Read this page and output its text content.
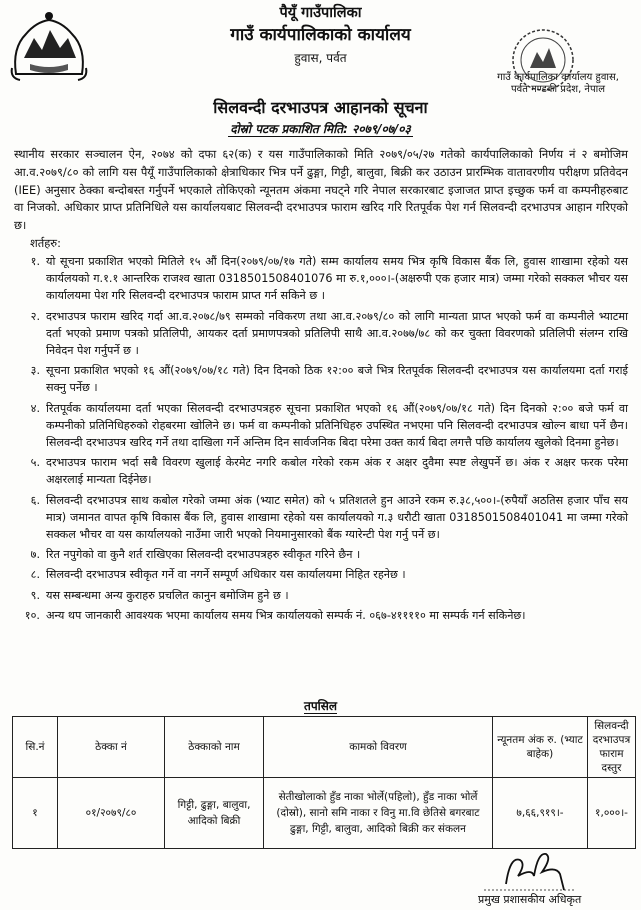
पैयूँ गाउँपालिका
गाउँ कार्यपालिकाको कार्यालय
हुवास, पर्वत
गाउँ कार्यपालिका कार्यालय हुवास, पर्वत गण्डकी प्रदेश, नेपाल
सिलवन्दी दरभाउपत्र आहानको सूचना
दोस्रो पटक प्रकाशित मिति: २०७९/०७/०३
स्थानीय सरकार सञ्चालन ऐन, २०७४ को दफा ६२(क) र यस गाउँपालिकाको मिति २०७९/०५/२७ गतेको कार्यपालिकाको निर्णय नं २ बमोजिम आ.व.२०७९/८० को लागि यस पैयूँ गाउँपालिकाको क्षेत्राधिकार भित्र पर्ने ढुङ्गा, गिट्टी, बालुवा, बिक्री कर उठाउन प्रारम्भिक वातावरणीय परीक्षण प्रतिवेदन (IEE) अनुसार ठेक्का बन्दोबस्त गर्नुपर्ने भएकाले तोकिएको न्यूनतम अंकमा नघट्ने गरि नेपाल सरकारबाट इजाजत प्राप्त इच्छुक फर्म वा कम्पनीहरुबाट वा निजको. अधिकार प्राप्त प्रतिनिधिले यस कार्यालयबाट सिलवन्दी दरभाउपत्र फाराम खरिद गरि रितपूर्वक पेश गर्न सिलवन्दी दरभाउपत्र आहान गरिएको छ।
शर्तहरु:
१. यो सूचना प्रकाशित भएको मितिले १५ औं दिन(२०७९/०७/१७ गते) सम्म कार्यालय समय भित्र कृषि विकास बैंक लि, हुवास शाखामा रहेको यस कार्यलयको ग.१.१ आन्तरिक राजश्व खाता 0318501508401076 मा रु.१,०००।-(अक्षरुपी एक हजार मात्र) जम्मा गरेको सक्कल भौचर यस कार्यालयमा पेश गरि सिलवन्दी दरभाउपत्र फाराम प्राप्त गर्न सकिने छ ।
२. दरभाउपत्र फाराम खरिद गर्दा आ.व.२०७८/७९ सम्मको नविकरण तथा आ.व.२०७९/८० को लागि मान्यता प्राप्त भएको फर्म वा कम्पनीले भ्याटमा दर्ता भएको प्रमाण पत्रको प्रतिलिपी, आयकर दर्ता प्रमाणपत्रको प्रतिलिपी साथै आ.व.२०७७/७८ को कर चुक्ता विवरणको प्रतिलिपी संलग्न राखि निवेदन पेश गर्नुपर्ने छ ।
३. सूचना प्रकाशित भएको १६ औं(२०७९/०७/१८ गते) दिन दिनको ठिक १२:०० बजे भित्र रितपूर्वक सिलवन्दी दरभाउपत्र यस कार्यालयमा दर्ता गराई सक्नु पर्नेछ ।
४. रितपूर्वक कार्यालयमा दर्ता भएका सिलवन्दी दरभाउपत्रहरु सूचना प्रकाशित भएको १६ औं(२०७९/०७/१८ गते) दिन दिनको २:०० बजे फर्म वा कम्पनीको प्रतिनिधिहरुको रोहबरमा खोलिने छ। फर्म वा कम्पनीको प्रतिनिधिहरु उपस्थित नभएमा पनि सिलवन्दी दरभाउपत्र खोल्न बाधा पर्ने छैन। सिलवन्दी दरभाउपत्र खरिद गर्ने तथा दाखिला गर्ने अन्तिम दिन सार्वजनिक बिदा परेमा उक्त कार्य बिदा लगत्तै पछि कार्यालय खुलेको दिनमा हुनेछ।
५. दरभाउपत्र फाराम भर्दा सबै विवरण खुलाई केरमेट नगरि कबोल गरेको रकम अंक र अक्षर दुवैमा स्पष्ट लेखुपर्ने छ। अंक र अक्षर फरक परेमा अक्षरलाई मान्यता दिईनेछ।
६. सिलवन्दी दरभाउपत्र साथ कबोल गरेको जम्मा अंक (भ्याट समेत) को ५ प्रतिशतले हुन आउने रकम रु.३८,५००।-(रुपैयाँ अठतिस हजार पाँच सय मात्र) जमानत वापत कृषि विकास बैंक लि, हुवास शाखामा रहेको यस कार्यालयको ग.३ धरौटी खाता 0318501508401041 मा जम्मा गरेको सक्कल भौचर वा यस कार्यालयको नाउँमा जारी भएको नियमानुसारको बैंक ग्यारेन्टी पेश गर्नु पर्ने छ।
७. रित नपुगेको वा कुनै शर्त राखिएका सिलवन्दी दरभाउपत्रहरु स्वीकृत गरिने छैन ।
८. सिलवन्दी दरभाउपत्र स्वीकृत गर्ने वा नगर्ने सम्पूर्ण अधिकार यस कार्यालयमा निहित रहनेछ ।
९. यस सम्बन्धमा अन्य कुराहरु प्रचलित कानुन बमोजिम हुने छ ।
१०. अन्य थप जानकारी आवश्यक भएमा कार्यालय समय भित्र कार्यालयको सम्पर्क नं. ०६७-४११११० मा सम्पर्क गर्न सकिनेछ।
तपसिल
सि.नं	ठेक्का नं	ठेक्काको नाम	कामको विवरण	न्यूनतम अंक रु. (भ्याट बाहेक)	सिलवन्दी दरभाउपत्र फाराम दस्तुर
१	०१/२०७९/८०	गिट्टी, ढुङ्गा, बालुवा, आदिको बिक्री	सेतीखोलाको हुँड नाका भोर्ले(पहिलो), हुँड नाका भोर्ले (दोस्रो), सानो समि नाका र विनु मा.वि छेतिसे बगरबाट ढुङ्गा, गिट्टी, बालुवा, आदिको बिक्री कर संकलन	७,६६,९१९।-	१,०००।-
प्रमुख प्रशासकीय अधिकृत
